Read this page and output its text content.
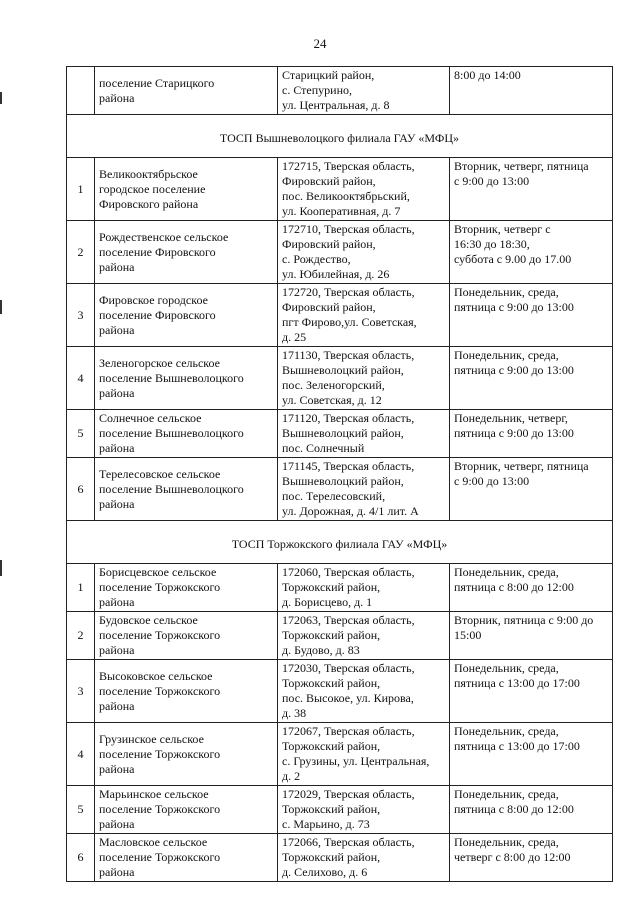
24

	поселение Старицкого
района	Старицкий район,
с. Степурино,
ул. Центральная, д. 8	8:00 до 14:00

ТОСП Вышневолоцкого филиала ГАУ «МФЦ»			

1	Великооктябрьское
городское поселение
Фировского района	172715, Тверская область,
Фировский район,
пос. Великооктябрьский,
ул. Кооперативная, д. 7	Вторник, четверг, пятница
с 9:00 до 13:00

2	Рождественское сельское
поселение Фировского
района	172710, Тверская область,
Фировский район,
с. Рождество,
ул. Юбилейная, д. 26	Вторник, четверг с
16:30 до 18:30,
суббота с 9.00 до 17.00

3	Фировское городское
поселение Фировского
района	172720, Тверская область,
Фировский район,
пгт Фирово,ул. Советская,
д. 25	Понедельник, среда,
пятница с 9:00 до 13:00

4	Зеленогорское сельское
поселение Вышневолоцкого
района	171130, Тверская область,
Вышневолоцкий район,
пос. Зеленогорский,
ул. Советская, д. 12	Понедельник, среда,
пятница с 9:00 до 13:00

5	Солнечное сельское
поселение Вышневолоцкого
района	171120, Тверская область,
Вышневолоцкий район,
пос. Солнечный	Понедельник, четверг,
пятница с 9:00 до 13:00

6	Терелесовское сельское
поселение Вышневолоцкого
района	171145, Тверская область,
Вышневолоцкий район,
пос. Терелесовский,
ул. Дорожная, д. 4/1 лит. А	Вторник, четверг, пятница
с 9:00 до 13:00

ТОСП Торжокского филиала ГАУ «МФЦ»			

1	Борисцевское сельское
поселение Торжокского
района	172060, Тверская область,
Торжокский район,
д. Борисцево, д. 1	Понедельник, среда,
пятница с 8:00 до 12:00

2	Будовское сельское
поселение Торжокского
района	172063, Тверская область,
Торжокский район,
д. Будово, д. 83	Вторник, пятница с 9:00 до
15:00

3	Высоковское сельское
поселение Торжокского
района	172030, Тверская область,
Торжокский район,
пос. Высокое, ул. Кирова,
д. 38	Понедельник, среда,
пятница с 13:00 до 17:00

4	Грузинское сельское
поселение Торжокского
района	172067, Тверская область,
Торжокский район,
с. Грузины, ул. Центральная,
д. 2	Понедельник, среда,
пятница с 13:00 до 17:00

5	Марьинское сельское
поселение Торжокского
района	172029, Тверская область,
Торжокский район,
с. Марьино, д. 73	Понедельник, среда,
пятница с 8:00 до 12:00

6	Масловское сельское
поселение Торжокского
района	172066, Тверская область,
Торжокский район,
д. Селихово, д. 6	Понедельник, среда,
четверг с 8:00 до 12:00
